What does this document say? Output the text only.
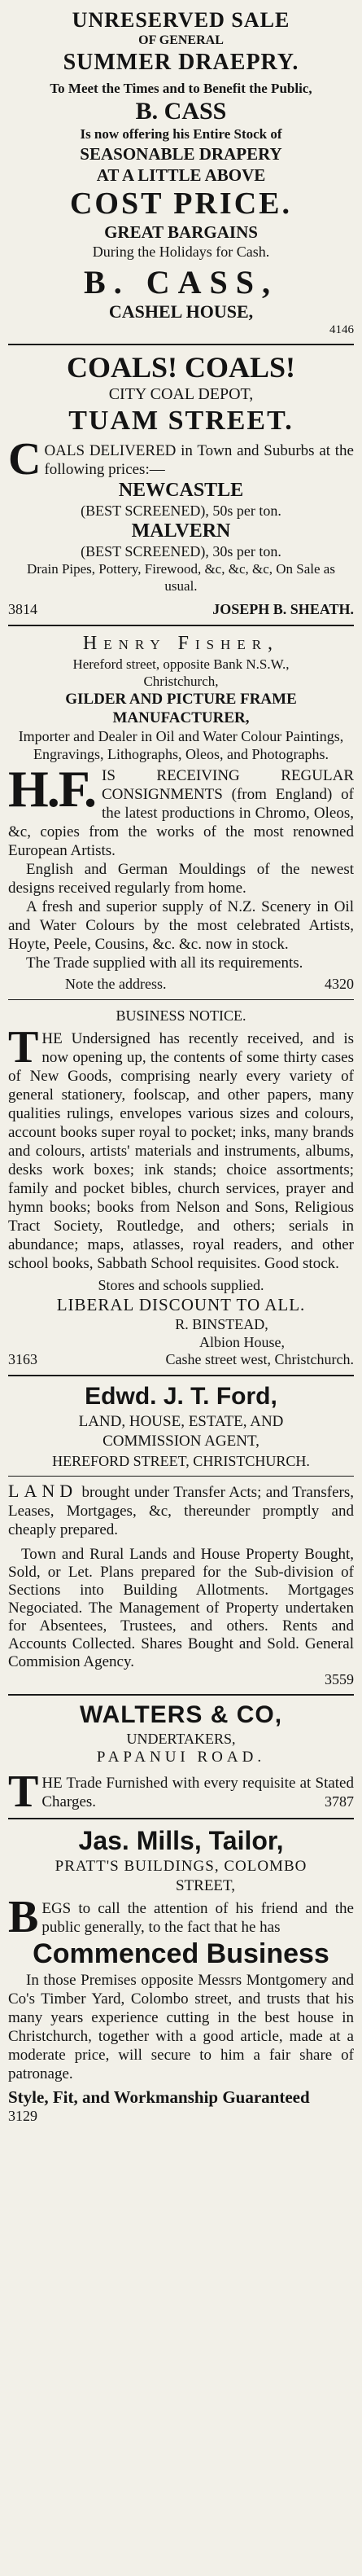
UNRESERVED SALE
OF GENERAL
SUMMER DRAEPRY.
To Meet the Times and to Benefit the Public,
B. CASS
Is now offering his Entire Stock of
SEASONABLE DRAPERY
AT A LITTLE ABOVE
COST PRICE.
GREAT BARGAINS
During the Holidays for Cash.
B. CASS,
CASHEL HOUSE,
4146
COALS! COALS!
CITY COAL DEPOT,
TUAM STREET.
COALS DELIVERED in Town and Suburbs at the following prices:—
NEWCASTLE
(BEST SCREENED), 50s per ton.
MALVERN
(BEST SCREENED), 30s per ton.
Drain Pipes, Pottery, Firewood, &c, &c, &c, On Sale as usual.
3814	JOSEPH B. SHEATH.
Henry Fisher,
Hereford street, opposite Bank N.S.W.,
Christchurch,
GILDER AND PICTURE FRAME
MANUFACTURER,
Importer and Dealer in Oil and Water Colour Paintings,
Engravings, Lithographs, Oleos, and Photographs.
H.F. IS RECEIVING REGULAR CONSIGNMENTS (from England) of the latest productions in Chromo, Oleos, &c, copies from the works of the most renowned European Artists.

English and German Mouldings of the newest designs received regularly from home.

A fresh and superior supply of N.Z. Scenery in Oil and Water Colours by the most celebrated Artists, Hoyte, Peele, Cousins, &c. &c. now in stock.

The Trade supplied with all its requirements.

Note the address.	4320
BUSINESS NOTICE.
THE Undersigned has recently received, and is now opening up, the contents of some thirty cases of New Goods, comprising nearly every variety of general stationery, foolscap, and other papers, many qualities rulings, envelopes various sizes and colours, account books super royal to pocket; inks, many brands and colours, artists' materials and instruments, albums, desks work boxes; ink stands; choice assortments; family and pocket bibles, church services, prayer and hymn books; books from Nelson and Sons, Religious Tract Society, Routledge, and others; serials in abundance; maps, atlasses, royal readers, and other school books, Sabbath School requisites. Good stock.
Stores and schools supplied.
LIBERAL DISCOUNT TO ALL.
R. BINSTEAD,
Albion House,
3163	Cashe street west, Christchurch.
Edwd. J. T. Ford,
LAND, HOUSE, ESTATE, AND
COMMISSION AGENT,
HEREFORD STREET, CHRISTCHURCH.
LAND brought under Transfer Acts; and Transfers, Leases, Mortgages, &c, thereunder promptly and cheaply prepared.

Town and Rural Lands and House Property Bought, Sold, or Let. Plans prepared for the Sub-division of Sections into Building Allotments. Mortgages Negociated. The Management of Property undertaken for Absentees, Trustees, and others. Rents and Accounts Collected. Shares Bought and Sold. General Commision Agency.

3559
WALTERS & CO,
UNDERTAKERS,
PAPANUI ROAD.
THE Trade Furnished with every requisite at Stated Charges.	3787
Jas. Mills, Tailor,
PRATT'S BUILDINGS, COLOMBO
STREET,
BEGS to call the attention of his friend and the public generally, to the fact that he has
Commenced Business

In those Premises opposite Messrs Montgomery and Co's Timber Yard, Colombo street, and trusts that his many years experience cutting in the best house in Christchurch, together with a good article, made at a moderate price, will secure to him a fair share of patronage.

Style, Fit, and Workmanship Guaranteed
3129
